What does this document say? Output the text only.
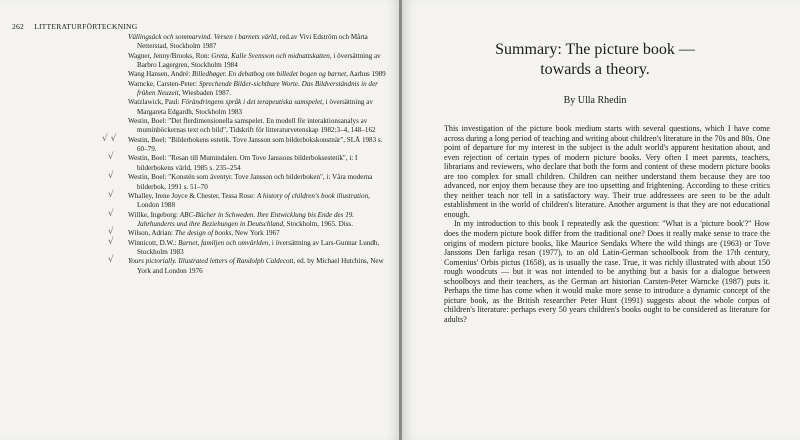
262 LITTERATURFÖRTECKNING
Vällingsäck och sommarvind. Versen i barnets värld, red.av Vivi Edström och Mårta Netterstad, Stockholm 1987
Wagner, Jenny/Brooks, Ron: Greta, Kalle Svensson och midnattskatten, i översättning av Barbro Lagergren, Stockholm 1984
Wang Hansen, André: Billedbøger. En debatbog om billedet bogen og barnet, Aarhus 1989
Warncke, Carsten-Peter: Sprechende Bilder-sichtbare Worte. Das Bildverständnis in der frühen Neuzeit, Wiesbaden 1987.
Watzlawick, Paul: Förändringens språk i det terapeutiska samspelet, i översättning av Margareta Edgardh, Stockholm 1983
Westin, Boel: "Det flerdimensionella samspelet. En modell för interaktionsanalys av muminböckernas text och bild", Tidskrift för litteraturvetenskap 1982:3–4, 148–162
√ √ Westin, Boel: "Bilderbokens estetik. Tove Jansson som bilderbokskonstnär", SLÅ 1983 s. 60–79.
√ Westin, Boel: "Resan till Mumindalen. Om Tove Janssons bilderboksestetik", i: I bilderbokens värld, 1985 s. 235–254
√ Westin, Boel: "Konstén som äventyr. Tove Jansson och bilderboken", i: Våra moderna bilderbok, 1991 s. 51–70
√ Whalley, Irene Joyce & Chester, Tessa Rose: A history of children's book illustration, London 1988
√ Willke, Ingeborg: ABC-Bücher in Schweden. Ihre Entwicklung bis Ende des 19. Jahrhunderts und ihre Beziehungen in Deutschland, Stockholm, 1965. Diss.
√ Wilson, Adrian: The design of books, New York 1967
√ Winnicott, D.W.: Barnet, familjen och omvärlden, i översättning av Lars-Gunnar Lundh, Stockholm 1983
√ Yours pictorially. Illustrated letters of Randolph Caldecott, ed. by Michael Hutchins, New York and London 1976
Summary: The picture book —
towards a theory.

By Ulla Rhedin

This investigation of the picture book medium starts with several questions, which I have come across during a long period of teaching and writing about children's literature in the 70s and 80s. One point of departure for my interest in the subject is the adult world's apparent hesitation about, and even rejection of certain types of modern picture books. Very often I meet parents, teachers, librarians and reviewers, who declare that both the form and content of these modern picture books are too complex for small children. Children can neither understand them because they are too advanced, nor enjoy them because they are too upsetting and frightening. According to these critics they neither teach nor tell in a satisfactory way. Their true addressees are seen to be the adult establishment in the world of children's literature. Another argument is that they are not educational enough.

In my introduction to this book I repeatedly ask the question: "What is a 'picture book'?" How does the modern picture book differ from the traditional one? Does it really make sense to trace the origins of modern picture books, like Maurice Sendaks Where the wild things are (1963) or Tove Janssons Den farliga resan (1977), to an old Latin-German schoolbook from the 17th century, Comenius' Orbis pictus (1658), as is usually the case. True, it was richly illustrated with about 150 rough woodcuts — but it was not intended to be anything but a basis for a dialogue between schoolboys and their teachers, as the German art historian Carsten-Peter Warncke (1987) puts it. Perhaps the time has come when it would make more sense to introduce a dynamic concept of the picture book, as the British researcher Peter Hunt (1991) suggests about the whole corpus of children's literature: perhaps every 50 years children's books ought to be considered as literature for adults?
